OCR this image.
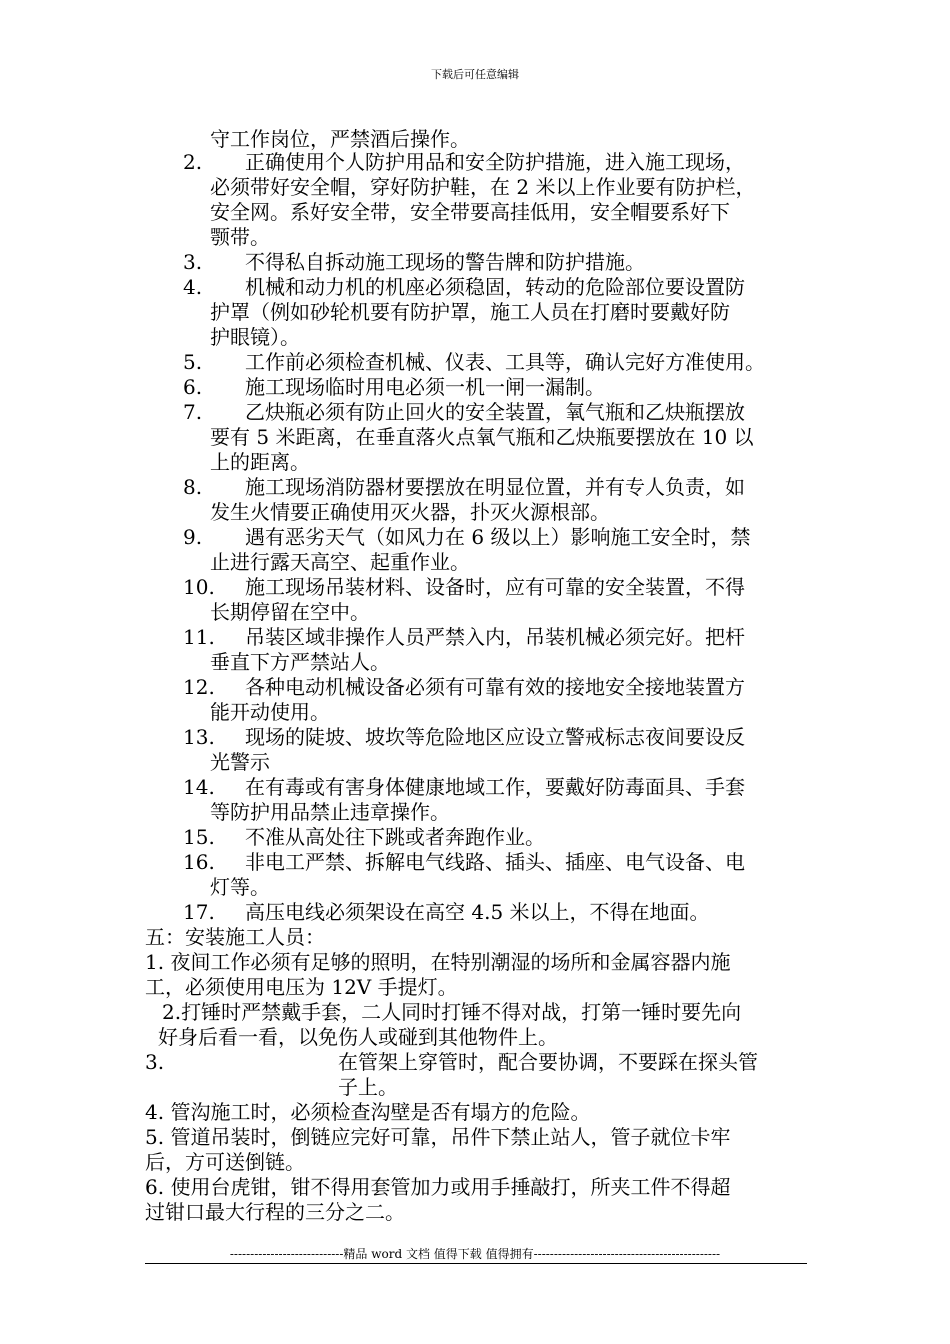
下载后可任意编辑
守工作岗位，严禁酒后操作。
2. 正确使用个人防护用品和安全防护措施，进入施工现场，
必须带好安全帽，穿好防护鞋，在 2 米以上作业要有防护栏，
安全网。系好安全带，安全带要高挂低用，安全帽要系好下
颚带。
3. 不得私自拆动施工现场的警告牌和防护措施。
4. 机械和动力机的机座必须稳固，转动的危险部位要设置防
护罩（例如砂轮机要有防护罩，施工人员在打磨时要戴好防
护眼镜）。
5. 工作前必须检查机械、仪表、工具等，确认完好方准使用。
6. 施工现场临时用电必须一机一闸一漏制。
7. 乙炔瓶必须有防止回火的安全装置，氧气瓶和乙炔瓶摆放
要有 5 米距离，在垂直落火点氧气瓶和乙炔瓶要摆放在 10 以
上的距离。
8. 施工现场消防器材要摆放在明显位置，并有专人负责，如
发生火情要正确使用灭火器，扑灭火源根部。
9. 遇有恶劣天气（如风力在 6 级以上）影响施工安全时，禁
止进行露天高空、起重作业。
10. 施工现场吊装材料、设备时，应有可靠的安全装置，不得
长期停留在空中。
11. 吊装区域非操作人员严禁入内，吊装机械必须完好。把杆
垂直下方严禁站人。
12. 各种电动机械设备必须有可靠有效的接地安全接地装置方
能开动使用。
13. 现场的陡坡、坡坎等危险地区应设立警戒标志夜间要设反
光警示
14. 在有毒或有害身体健康地域工作，要戴好防毒面具、手套
等防护用品禁止违章操作。
15. 不准从高处往下跳或者奔跑作业。
16. 非电工严禁、拆解电气线路、插头、插座、电气设备、电
灯等。
17. 高压电线必须架设在高空 4.5 米以上，不得在地面。
五：安装施工人员：
1. 夜间工作必须有足够的照明，在特别潮湿的场所和金属容器内施
工，必须使用电压为 12V 手提灯。
2.打锤时严禁戴手套，二人同时打锤不得对战，打第一锤时要先向
好身后看一看，以免伤人或碰到其他物件上。
3.	在管架上穿管时，配合要协调，不要踩在探头管
子上。
4. 管沟施工时，必须检查沟壁是否有塌方的危险。
5. 管道吊装时，倒链应完好可靠，吊件下禁止站人，管子就位卡牢
后，方可送倒链。
6. 使用台虎钳，钳不得用套管加力或用手捶敲打，所夹工件不得超
过钳口最大行程的三分之二。
----------------------------精品 word 文档 值得下载 值得拥有----------------------------------------------
